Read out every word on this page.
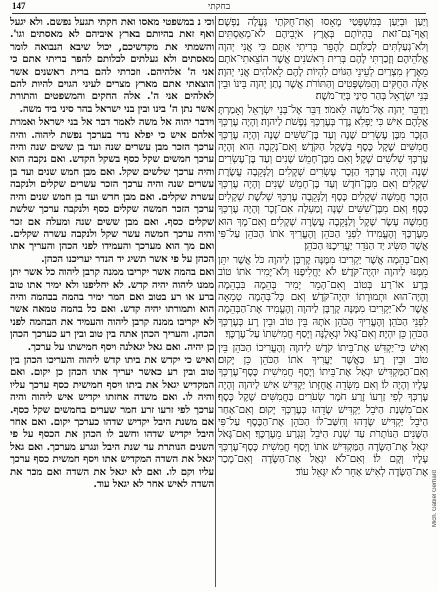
147	בחקתי

וכי נ במשפטי מאסו ואת חקתי תגעל נפשם. ולא יגעל ואף זאת בהיותם בארץ איביהם לא מאסתים וגו'. והשמתי את מקדשיכם, יכול שיבא הנבואה לומר מאסתים ולא געלתים לכלותם להפר בריתי אתם כי אני ה' אלהיהם. וזכרתי להם ברית ראשנים אשר הוצאתי אתם מארץ מצרים לעיני הגוים להיות להם לאלהים אני ה'. אלה החקים והמשפטים והתורת אשר נתן ה' בינו ובין בני ישראל בהר סיני ביד משה.

וידבר יהוה אל משה לאמר דבר אל בני ישראל ואמרת אלהם איש כי יפלא נדר בערכך נפשת ליהוה. והיה ערכך הזכר מבן עשרים שנה ועד בן ששים שנה והיה ערכך חמשים שקל כסף בשקל הקדש. ואם נקבה הוא והיה ערכך שלשים שקל. ואם מבן חמש שנים ועד בן עשרים שנה והיה ערכך הזכר עשרים שקלים ולנקבה עשרת שקלים. ואם מבן חדש ועד בן חמש שנים והיה ערכך הזכר חמשה שקלים כסף ולנקבה ערכך שלשת שקלים כסף. ואם מבן ששים שנה ומעלה אם זכר והיה ערכך חמשה עשר שקל ולנקבה עשרה שקלים. ואם מך הוא מערכך והעמידו לפני הכהן והעריך אתו הכהן על פי אשר תשיג יד הנדר יעריכנו הכהן.

ואם בהמה אשר יקריבו ממנה קרבן ליהוה כל אשר יתן ממנו ליהוה יהיה קדש. לא יחליפנו ולא ימיר אתו טוב ברע או רע בטוב ואם המר ימיר בהמה בבהמה והיה הוא ותמורתו יהיה קדש. ואם כל בהמה טמאה אשר לא יקריבו ממנה קרבן ליהוה והעמיד את הבהמה לפני הכהן. והעריך הכהן אתה בין טוב ובין רע כערכך הכהן כן יהיה. ואם גאל יגאלנה ויסף חמישתו על ערכך.

ואיש כי יקדש את ביתו קדש ליהוה והעריכו הכהן בין טוב ובין רע כאשר יעריך אתו הכהן כן יקום. ואם המקדיש יגאל את ביתו ויסף חמישית כסף ערכך עליו והיה לו. ואם משדה אחזתו יקדיש איש ליהוה והיה ערכך לפי זרעו זרע חמר שערים בחמשים שקל כסף. אם משנת היבל יקדיש שדהו כערכך יקום. ואם אחר היבל יקדיש שדהו וחשב לו הכהן את הכסף על פי השנים הנותרת עד שנת היבל ונגרע מערכך. ואם גאל יגאל את השדה המקדיש אתו ויסף חמשית כסף ערכך עליו וקם לו. ואם לא יגאל את השדה ואם מכר את השדה לאיש אחר לא יגאל עוד.

וְיַעַן וּבְיַעַן בְּמִשְׁפָּטַי מָאָסוּ וְאֶת־חֻקֹּתַי גָּעֲלָה נַפְשָׁם׃ וְאַף־גַּם־זֹאת בִּהְיוֹתָם בְּאֶרֶץ אֹיְבֵיהֶם לֹא־מְאַסְתִּים וְלֹא־גְעַלְתִּים לְכַלֹּתָם לְהָפֵר בְּרִיתִי אִתָּם כִּי אֲנִי יְהוָה אֱלֹהֵיהֶם׃ וְזָכַרְתִּי לָהֶם בְּרִית רִאשֹׁנִים אֲשֶׁר הוֹצֵאתִי־אֹתָם מֵאֶרֶץ מִצְרַיִם לְעֵינֵי הַגּוֹיִם לִהְיוֹת לָהֶם לֵאלֹהִים אֲנִי יְהוָה׃ אֵלֶּה הַחֻקִּים וְהַמִּשְׁפָּטִים וְהַתּוֹרֹת אֲשֶׁר נָתַן יְהוָה בֵּינוֹ וּבֵין בְּנֵי יִשְׂרָאֵל בְּהַר סִינַי בְּיַד־מֹשֶׁה׃

וַיְדַבֵּר יְהוָה אֶל־מֹשֶׁה לֵּאמֹר׃ דַּבֵּר אֶל־בְּנֵי יִשְׂרָאֵל וְאָמַרְתָּ אֲלֵהֶם אִישׁ כִּי יַפְלִא נֶדֶר בְּעֶרְכְּךָ נְפָשֹׁת לַיהוָה׃ וְהָיָה עֶרְכְּךָ הַזָּכָר מִבֶּן עֶשְׂרִים שָׁנָה וְעַד בֶּן־שִׁשִּׁים שָׁנָה וְהָיָה עֶרְכְּךָ חֲמִשִּׁים שֶׁקֶל כֶּסֶף בְּשֶׁקֶל הַקֹּדֶשׁ׃ וְאִם־נְקֵבָה הִוא וְהָיָה עֶרְכְּךָ שְׁלֹשִׁים שָׁקֶל׃ וְאִם מִבֶּן־חָמֵשׁ שָׁנִים וְעַד בֶּן־עֶשְׂרִים שָׁנָה וְהָיָה עֶרְכְּךָ הַזָּכָר עֶשְׂרִים שְׁקָלִים וְלַנְּקֵבָה עֲשֶׂרֶת שְׁקָלִים׃ וְאִם מִבֶּן־חֹדֶשׁ וְעַד בֶּן־חָמֵשׁ שָׁנִים וְהָיָה עֶרְכְּךָ הַזָּכָר חֲמִשָּׁה שְׁקָלִים כָּסֶף וְלַנְּקֵבָה עֶרְכְּךָ שְׁלֹשֶׁת שְׁקָלִים כָּסֶף׃ וְאִם מִבֶּן־שִׁשִּׁים שָׁנָה וָמַעְלָה אִם־זָכָר וְהָיָה עֶרְכְּךָ חֲמִשָּׁה עָשָׂר שָׁקֶל וְלַנְּקֵבָה עֲשָׂרָה שְׁקָלִים׃ וְאִם־מָךְ הוּא מֵעֶרְכֶּךָ וְהֶעֱמִידוֹ לִפְנֵי הַכֹּהֵן וְהֶעֱרִיךְ אֹתוֹ הַכֹּהֵן עַל־פִּי אֲשֶׁר תַּשִּׂיג יַד הַנֹּדֵר יַעֲרִיכֶנּוּ הַכֹּהֵן׃

וְאִם־בְּהֵמָה אֲשֶׁר יַקְרִיבוּ מִמֶּנָּה קָרְבָּן לַיהוָה כֹּל אֲשֶׁר יִתֵּן מִמֶּנּוּ לַיהוָה יִהְיֶה־קֹּדֶשׁ׃ לֹא יַחֲלִיפֶנּוּ וְלֹא־יָמִיר אֹתוֹ טוֹב בְּרָע אוֹ־רַע בְּטוֹב וְאִם־הָמֵר יָמִיר בְּהֵמָה בִּבְהֵמָה וְהָיָה־הוּא וּתְמוּרָתוֹ יִהְיֶה־קֹּדֶשׁ׃ וְאִם כָּל־בְּהֵמָה טְמֵאָה אֲשֶׁר לֹא־יַקְרִיבוּ מִמֶּנָּה קָרְבָּן לַיהוָה וְהֶעֱמִיד אֶת־הַבְּהֵמָה לִפְנֵי הַכֹּהֵן׃ וְהֶעֱרִיךְ הַכֹּהֵן אֹתָהּ בֵּין טוֹב וּבֵין רָע כְּעֶרְכְּךָ הַכֹּהֵן כֵּן יִהְיֶה׃ וְאִם־גָּאֹל יִגְאָלֶנָּה וְיָסַף חֲמִישִׁתוֹ עַל־עֶרְכֶּךָ׃

וְאִישׁ כִּי־יַקְדִּשׁ אֶת־בֵּיתוֹ קֹדֶשׁ לַיהוָה וְהֶעֱרִיכוֹ הַכֹּהֵן בֵּין טוֹב וּבֵין רָע כַּאֲשֶׁר יַעֲרִיךְ אֹתוֹ הַכֹּהֵן כֵּן יָקוּם׃ וְאִם־הַמַּקְדִּישׁ יִגְאַל אֶת־בֵּיתוֹ וְיָסַף חֲמִישִׁית כֶּסֶף־עֶרְכְּךָ עָלָיו וְהָיָה לוֹ׃ וְאִם מִשְּׂדֵה אֲחֻזָּתוֹ יַקְדִּישׁ אִישׁ לַיהוָה וְהָיָה עֶרְכְּךָ לְפִי זַרְעוֹ זֶרַע חֹמֶר שְׂעֹרִים בַּחֲמִשִּׁים שֶׁקֶל כָּסֶף׃ אִם־מִשְּׁנַת הַיֹּבֵל יַקְדִּישׁ שָׂדֵהוּ כְּעֶרְכְּךָ יָקוּם׃ וְאִם־אַחַר הַיֹּבֵל יַקְדִּישׁ שָׂדֵהוּ וְחִשַּׁב־לוֹ הַכֹּהֵן אֶת־הַכֶּסֶף עַל־פִּי הַשָּׁנִים הַנּוֹתָרֹת עַד שְׁנַת הַיֹּבֵל וְנִגְרַע מֵעֶרְכֶּךָ׃ וְאִם־גָּאֹל יִגְאַל אֶת־הַשָּׂדֶה הַמַּקְדִּישׁ אֹתוֹ וְיָסַף חֲמִשִׁית כֶּסֶף־עֶרְכְּךָ עָלָיו וְקָם לוֹ׃ וְאִם־לֹא יִגְאַל אֶת־הַשָּׂדֶה וְאִם־מָכַר אֶת־הַשָּׂדֶה לְאִישׁ אַחֵר לֹא יִגָּאֵל עוֹד׃ Mich. Gabiel Gerhard
